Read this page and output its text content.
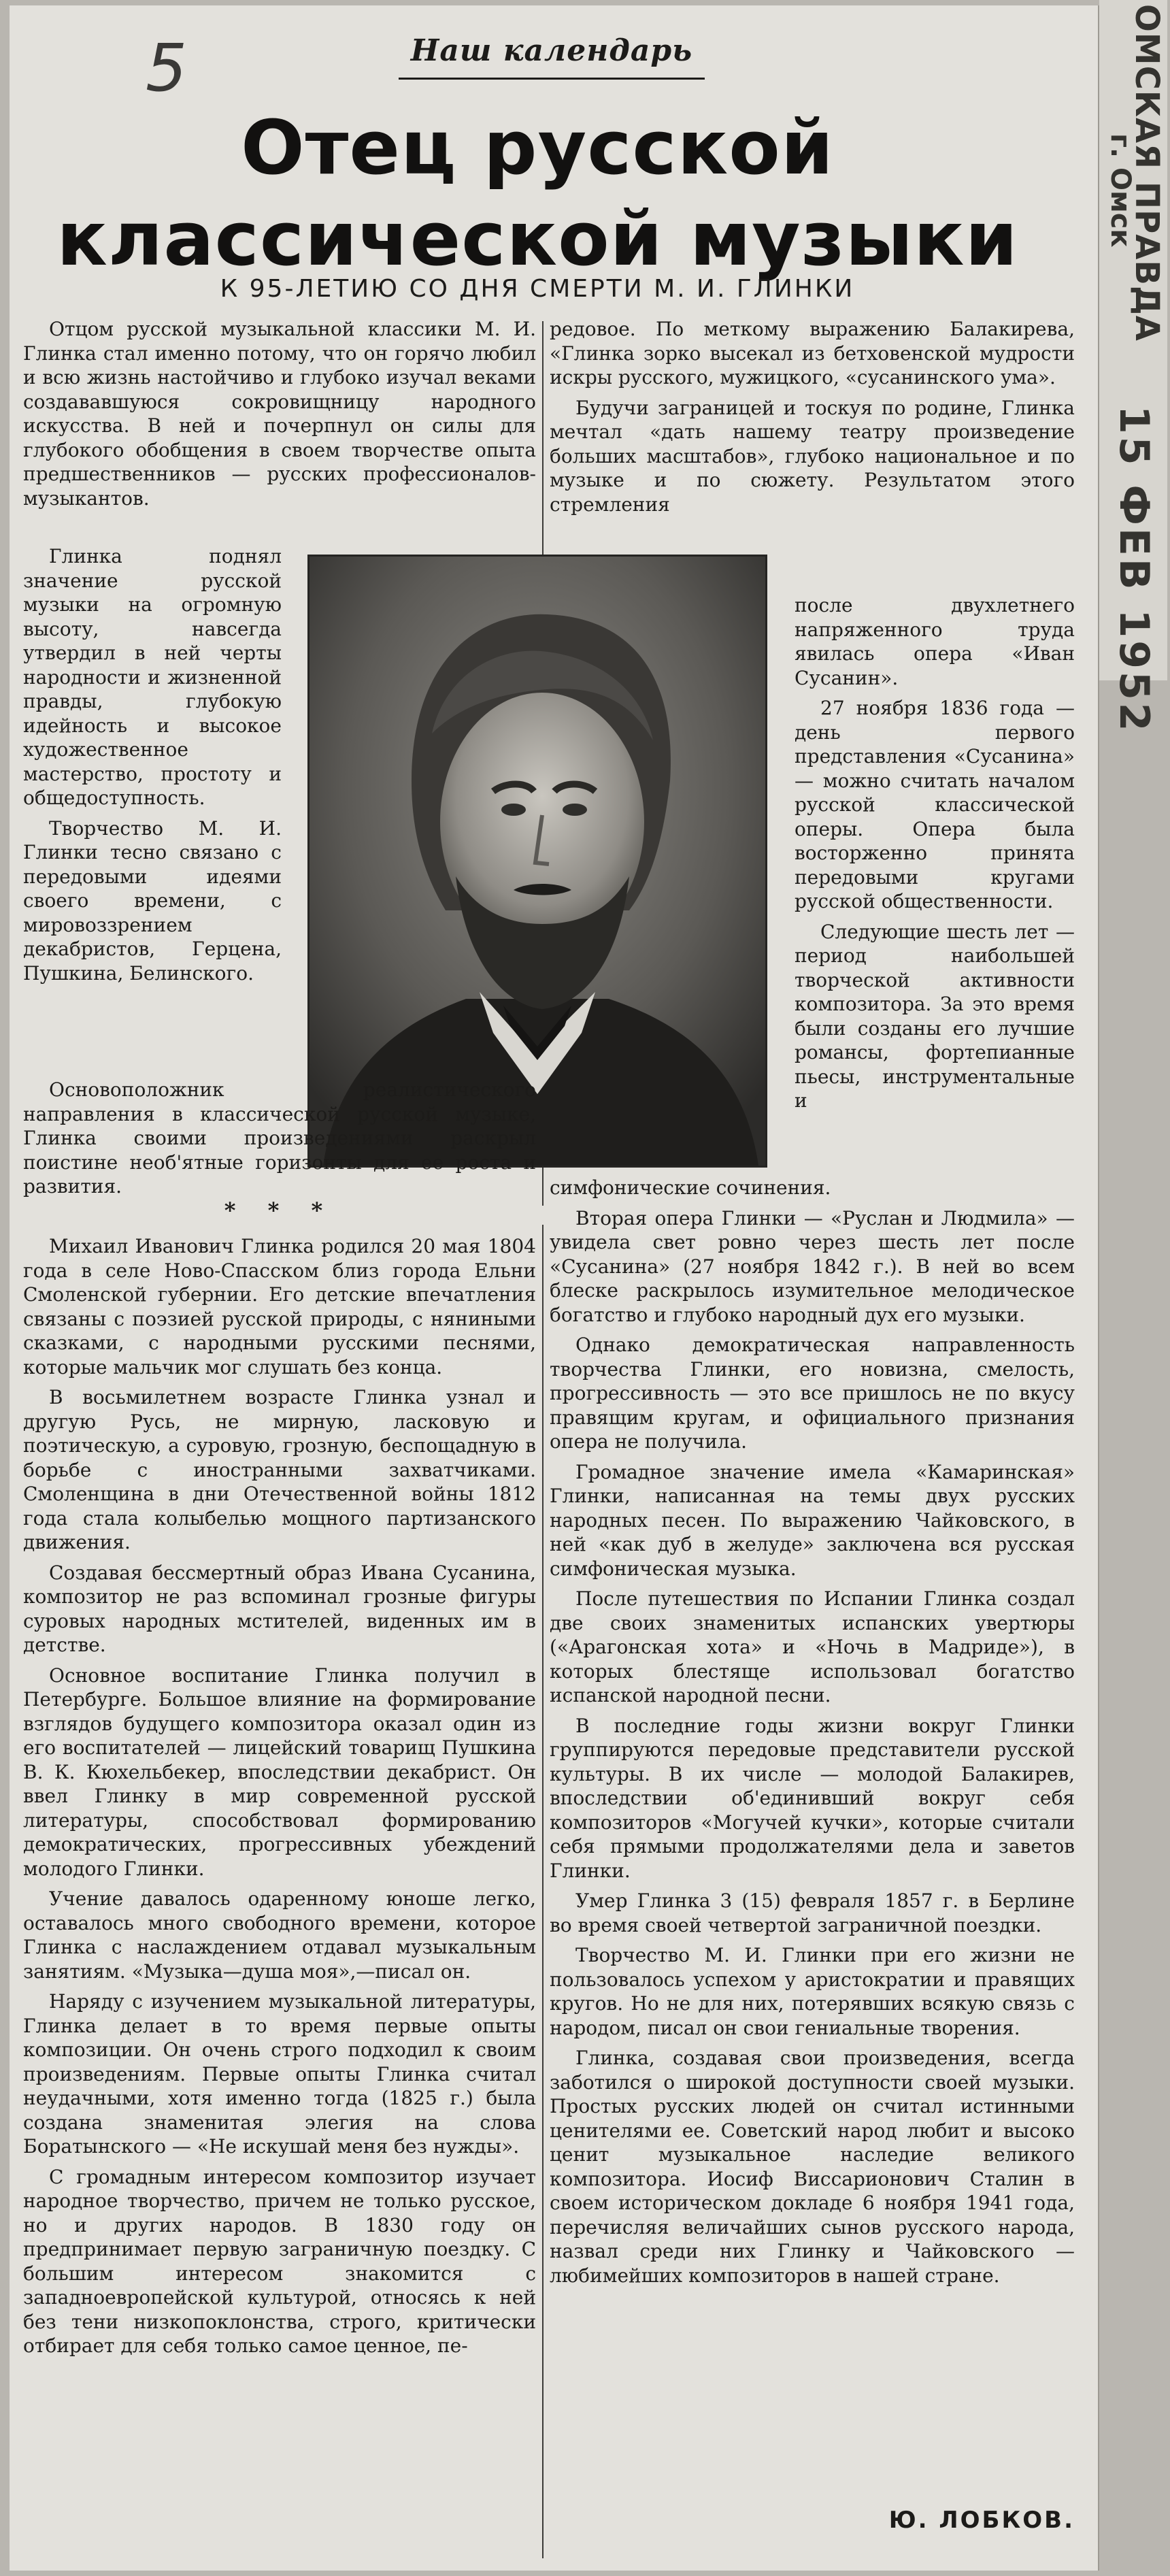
5	Наш календарь	ОМСКАЯ ПРАВДА
г. Омск
15 ФЕВ 1952
Отец русской
классической музыки
К 95-ЛЕТИЮ СО ДНЯ СМЕРТИ М. И. ГЛИНКИ

Отцом русской музыкальной классики М. И. Глинка стал именно потому, что он горячо любил и всю жизнь настойчиво и глубоко изучал веками создававшуюся сокровищницу народного искусства. В ней и почерпнул он силы для глубокого обобщения в своем творчестве опыта предшественников — русских профессионалов-музыкантов.

редовое. По меткому выражению Балакирева, «Глинка зорко высекал из бетховенской мудрости искры русского, мужицкого, «сусанинского ума».

Будучи заграницей и тоскуя по родине, Глинка мечтал «дать нашему театру произведение больших масштабов», глубоко национальное и по музыке и по сюжету. Результатом этого стремления

Глинка поднял значение русской музыки на огромную высоту, навсегда утвердил в ней черты народности и жизненной правды, глубокую идейность и высокое художественное мастерство, простоту и общедоступность.

Творчество М. И. Глинки тесно связано с передовыми идеями своего времени, с мировоззрением декабристов, Герцена, Пушкина, Белинского.

после двухлетнего напряженного труда явилась опера «Иван Сусанин».

27 ноября 1836 года — день первого представления «Сусанина» — можно считать началом русской классической оперы. Опера была восторженно принята передовыми кругами русской общественности.

Следующие шесть лет — период наибольшей творческой активности композитора. За это время были созданы его лучшие романсы, фортепианные пьесы, инструментальные и

Основоположник реалистического направления в классической русской музыке, Глинка своими произведениями раскрыл поистине необ'ятные горизонты для ее роста и развития.

* * *

Михаил Иванович Глинка родился 20 мая 1804 года в селе Ново-Спасском близ города Ельни Смоленской губернии. Его детские впечатления связаны с поэзией русской природы, с няниными сказками, с народными русскими песнями, которые мальчик мог слушать без конца.

В восьмилетнем возрасте Глинка узнал и другую Русь, не мирную, ласковую и поэтическую, а суровую, грозную, беспощадную в борьбе с иностранными захватчиками. Смоленщина в дни Отечественной войны 1812 года стала колыбелью мощного партизанского движения.

Создавая бессмертный образ Ивана Сусанина, композитор не раз вспоминал грозные фигуры суровых народных мстителей, виденных им в детстве.

Основное воспитание Глинка получил в Петербурге. Большое влияние на формирование взглядов будущего композитора оказал один из его воспитателей — лицейский товарищ Пушкина В. К. Кюхельбекер, впоследствии декабрист. Он ввел Глинку в мир современной русской литературы, способствовал формированию демократических, прогрессивных убеждений молодого Глинки.

Учение давалось одаренному юноше легко, оставалось много свободного времени, которое Глинка с наслаждением отдавал музыкальным занятиям. «Музыка—душа моя»,—писал он.

Наряду с изучением музыкальной литературы, Глинка делает в то время первые опыты композиции. Он очень строго подходил к своим произведениям. Первые опыты Глинка считал неудачными, хотя именно тогда (1825 г.) была создана знаменитая элегия на слова Боратынского — «Не искушай меня без нужды».

С громадным интересом композитор изучает народное творчество, причем не только русское, но и других народов. В 1830 году он предпринимает первую заграничную поездку. С большим интересом знакомится с западноевропейской культурой, относясь к ней без тени низкопоклонства, строго, критически отбирает для себя только самое ценное, пе-

симфонические сочинения.

Вторая опера Глинки — «Руслан и Людмила» — увидела свет ровно через шесть лет после «Сусанина» (27 ноября 1842 г.). В ней во всем блеске раскрылось изумительное мелодическое богатство и глубоко народный дух его музыки.

Однако демократическая направленность творчества Глинки, его новизна, смелость, прогрессивность — это все пришлось не по вкусу правящим кругам, и официального признания опера не получила.

Громадное значение имела «Камаринская» Глинки, написанная на темы двух русских народных песен. По выражению Чайковского, в ней «как дуб в желуде» заключена вся русская симфоническая музыка.

После путешествия по Испании Глинка создал две своих знаменитых испанских увертюры («Арагонская хота» и «Ночь в Мадриде»), в которых блестяще использовал богатство испанской народной песни.

В последние годы жизни вокруг Глинки группируются передовые представители русской культуры. В их числе — молодой Балакирев, впоследствии об'единивший вокруг себя композиторов «Могучей кучки», которые считали себя прямыми продолжателями дела и заветов Глинки.

Умер Глинка 3 (15) февраля 1857 г. в Берлине во время своей четвертой заграничной поездки.

Творчество М. И. Глинки при его жизни не пользовалось успехом у аристократии и правящих кругов. Но не для них, потерявших всякую связь с народом, писал он свои гениальные творения.

Глинка, создавая свои произведения, всегда заботился о широкой доступности своей музыки. Простых русских людей он считал истинными ценителями ее. Советский народ любит и высоко ценит музыкальное наследие великого композитора. Иосиф Виссарионович Сталин в своем историческом докладе 6 ноября 1941 года, перечисляя величайших сынов русского народа, назвал среди них Глинку и Чайковского — любимейших композиторов в нашей стране.

Ю. ЛОБКОВ.
